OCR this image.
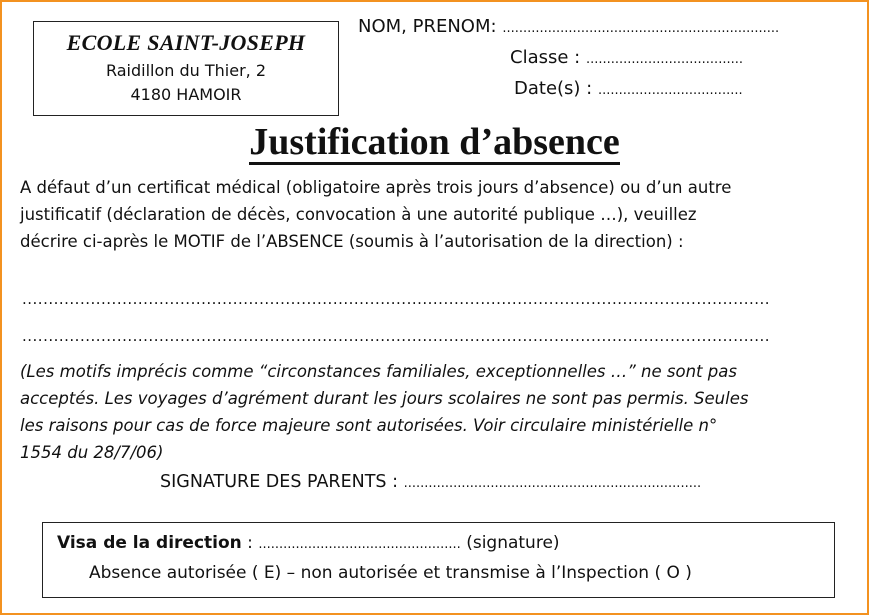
ECOLE SAINT-JOSEPH
Raidillon du Thier, 2
4180 HAMOIR
NOM, PRENOM: ...................................................................
Classe : ......................................
Date(s) : ...................................
Justification d’absence
A défaut d’un certificat médical (obligatoire après trois jours d’absence) ou d’un autre
justificatif (déclaration de décès, convocation à une autorité publique …), veuillez
décrire ci-après le MOTIF de l’ABSENCE (soumis à l’autorisation de la direction) :
..............................................................................................................................................
..............................................................................................................................................
(Les motifs imprécis comme “circonstances familiales, exceptionnelles …” ne sont pas
acceptés. Les voyages d’agrément durant les jours scolaires ne sont pas permis. Seules
les raisons pour cas de force majeure sont autorisées. Voir circulaire ministérielle n°
1554 du 28/7/06)
SIGNATURE DES PARENTS : ........................................................................
Visa de la direction : ................................................. (signature)
Absence autorisée ( E) – non autorisée et transmise à l’Inspection ( O )
